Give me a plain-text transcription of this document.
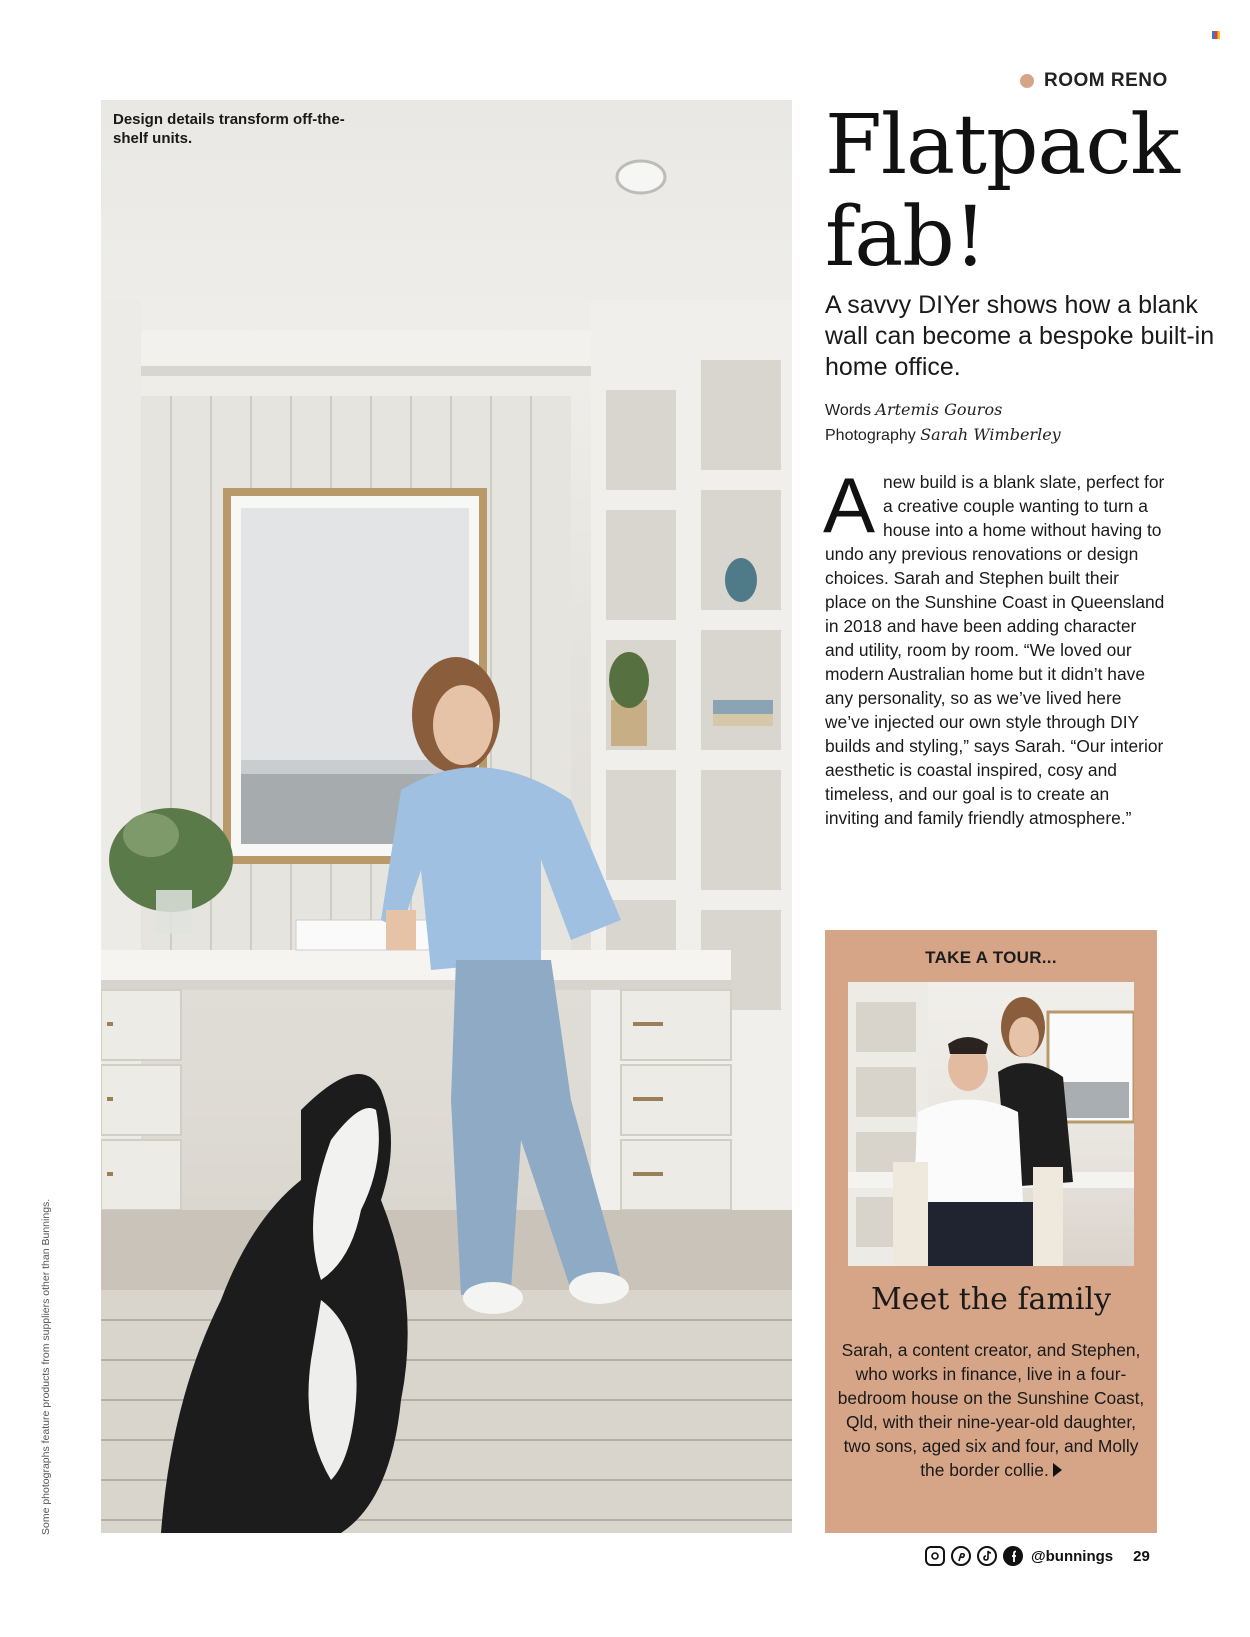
ROOM RENO
Design details transform off-the-shelf units.
Some photographs feature products from suppliers other than Bunnings.
Flatpack
fab!
A savvy DIYer shows how a blank wall can become a bespoke built-in home office.
Words Artemis Gouros
Photography Sarah Wimberley
A new build is a blank slate, perfect for a creative couple wanting to turn a house into a home without having to undo any previous renovations or design choices. Sarah and Stephen built their place on the Sunshine Coast in Queensland in 2018 and have been adding character and utility, room by room. “We loved our modern Australian home but it didn’t have any personality, so as we’ve lived here we’ve injected our own style through DIY builds and styling,” says Sarah. “Our interior aesthetic is coastal inspired, cosy and timeless, and our goal is to create an inviting and family friendly atmosphere.”
TAKE A TOUR...
Meet the family
Sarah, a content creator, and Stephen, who works in finance, live in a four-bedroom house on the Sunshine Coast, Qld, with their nine-year-old daughter, two sons, aged six and four, and Molly the border collie.
@bunnings 29
